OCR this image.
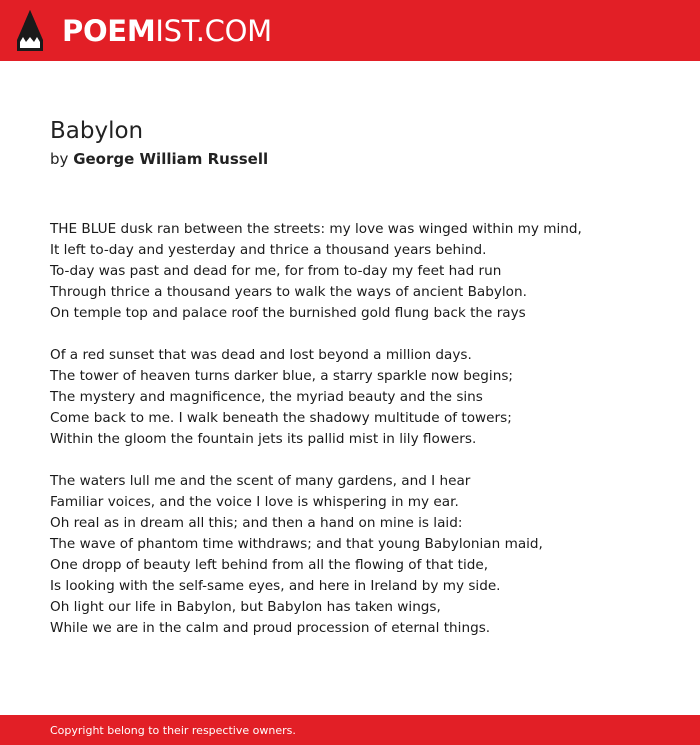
POEMIST.COM
Babylon
by George William Russell
THE BLUE dusk ran between the streets: my love was winged within my mind, 
It left to-day and yesterday and thrice a thousand years behind. 
To-day was past and dead for me, for from to-day my feet had run 
Through thrice a thousand years to walk the ways of ancient Babylon. 
On temple top and palace roof the burnished gold flung back the rays 
Of a red sunset that was dead and lost beyond a million days. 
The tower of heaven turns darker blue, a starry sparkle now begins; 
The mystery and magnificence, the myriad beauty and the sins 
Come back to me. I walk beneath the shadowy multitude of towers; 
Within the gloom the fountain jets its pallid mist in lily flowers. 
The waters lull me and the scent of many gardens, and I hear 
Familiar voices, and the voice I love is whispering in my ear. 
Oh real as in dream all this; and then a hand on mine is laid: 
The wave of phantom time withdraws; and that young Babylonian maid, 
One dropp of beauty left behind from all the flowing of that tide, 
Is looking with the self-same eyes, and here in Ireland by my side. 
Oh light our life in Babylon, but Babylon has taken wings, 
While we are in the calm and proud procession of eternal things.
Copyright belong to their respective owners.
